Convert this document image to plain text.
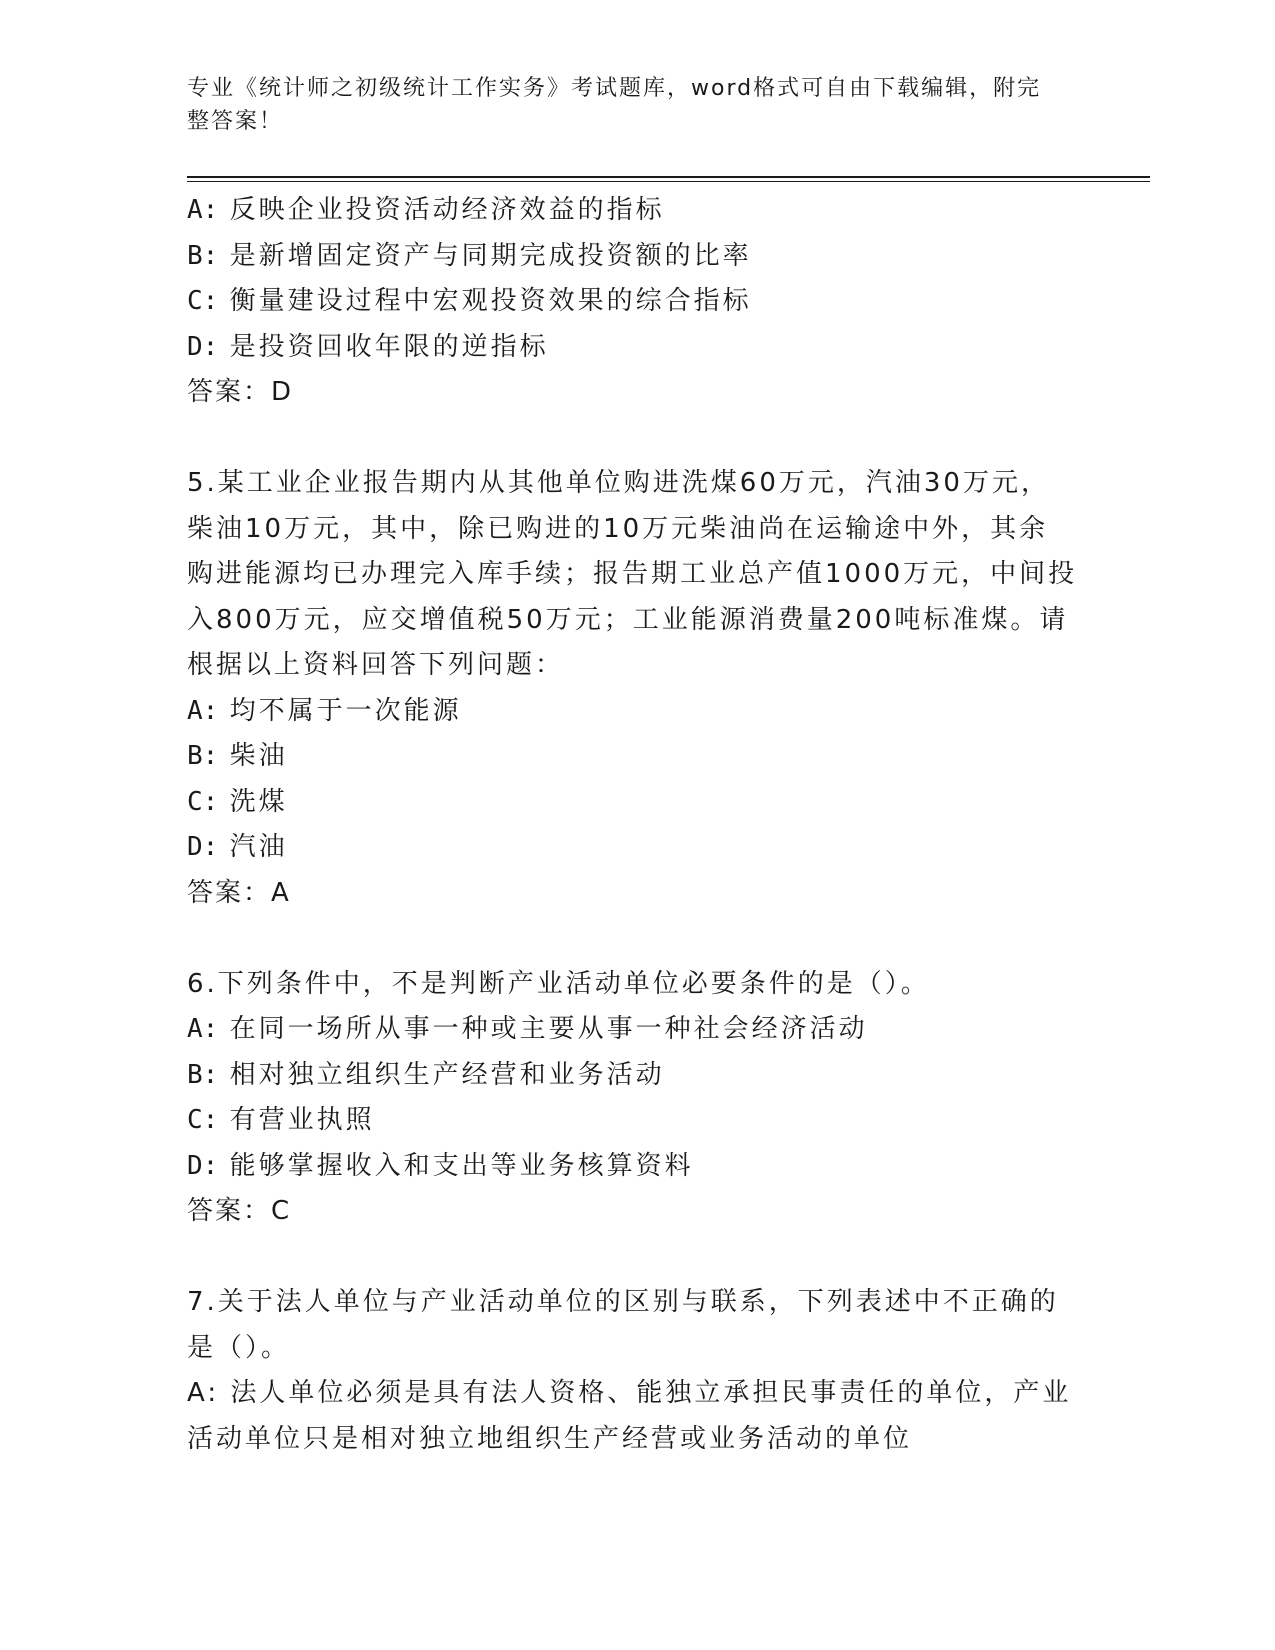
专业《统计师之初级统计工作实务》考试题库，word格式可自由下载编辑，附完
整答案！
A: 反映企业投资活动经济效益的指标
B: 是新增固定资产与同期完成投资额的比率
C: 衡量建设过程中宏观投资效果的综合指标
D: 是投资回收年限的逆指标
答案：D
5.某工业企业报告期内从其他单位购进洗煤60万元，汽油30万元，
柴油10万元，其中，除已购进的10万元柴油尚在运输途中外，其余
购进能源均已办理完入库手续；报告期工业总产值1000万元，中间投
入800万元，应交增值税50万元；工业能源消费量200吨标准煤。请
根据以上资料回答下列问题：
A: 均不属于一次能源
B: 柴油
C: 洗煤
D: 汽油
答案：A
6.下列条件中，不是判断产业活动单位必要条件的是（）。
A: 在同一场所从事一种或主要从事一种社会经济活动
B: 相对独立组织生产经营和业务活动
C: 有营业执照
D: 能够掌握收入和支出等业务核算资料
答案：C
7.关于法人单位与产业活动单位的区别与联系，下列表述中不正确的
是（）。
A: 法人单位必须是具有法人资格、能独立承担民事责任的单位，产业
活动单位只是相对独立地组织生产经营或业务活动的单位
